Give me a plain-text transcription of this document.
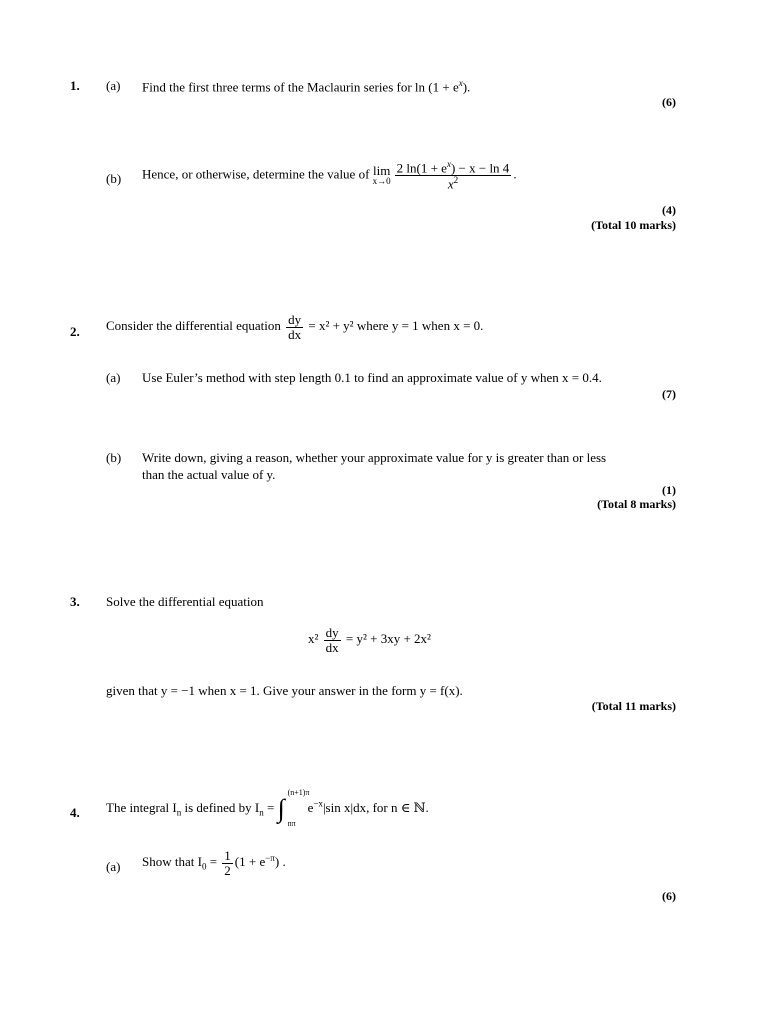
1. (a) Find the first three terms of the Maclaurin series for $\ln (1 + e^x)$.
(6)
(b) Hence, or otherwise, determine the value of lim
$x\to 0 \frac{2 \ln(1 + e^x) - x - \ln 4}{x^2}$ .
(4)
(Total 10 marks)
2. Consider the differential equation $\frac{dy}{dx} = x^2 + y^2$ where y = 1 when x = 0.
(a) Use Euler’s method with step length 0.1 to find an approximate value of y when x = 0.4.
(7)
(b) Write down, giving a reason, whether your approximate value for y is greater than or less
than the actual value of y.
(1)
(Total 8 marks)
3. Solve the differential equation
$x^2 \frac{dy}{dx} = y^2 + 3xy + 2x^2$
given that y = −1 when x = 1. Give your answer in the form y = f(x).
(Total 11 marks)
4. The integral $I_n$ is defined by $I_n$ = ∫
(n+1)π
nπ
$e^{-x}|\sin$ x|dx, for n ∈ ℕ.
(a) Show that $I_0 = \frac{1}{2} (1 + e^{-\pi})$ .
(6)
